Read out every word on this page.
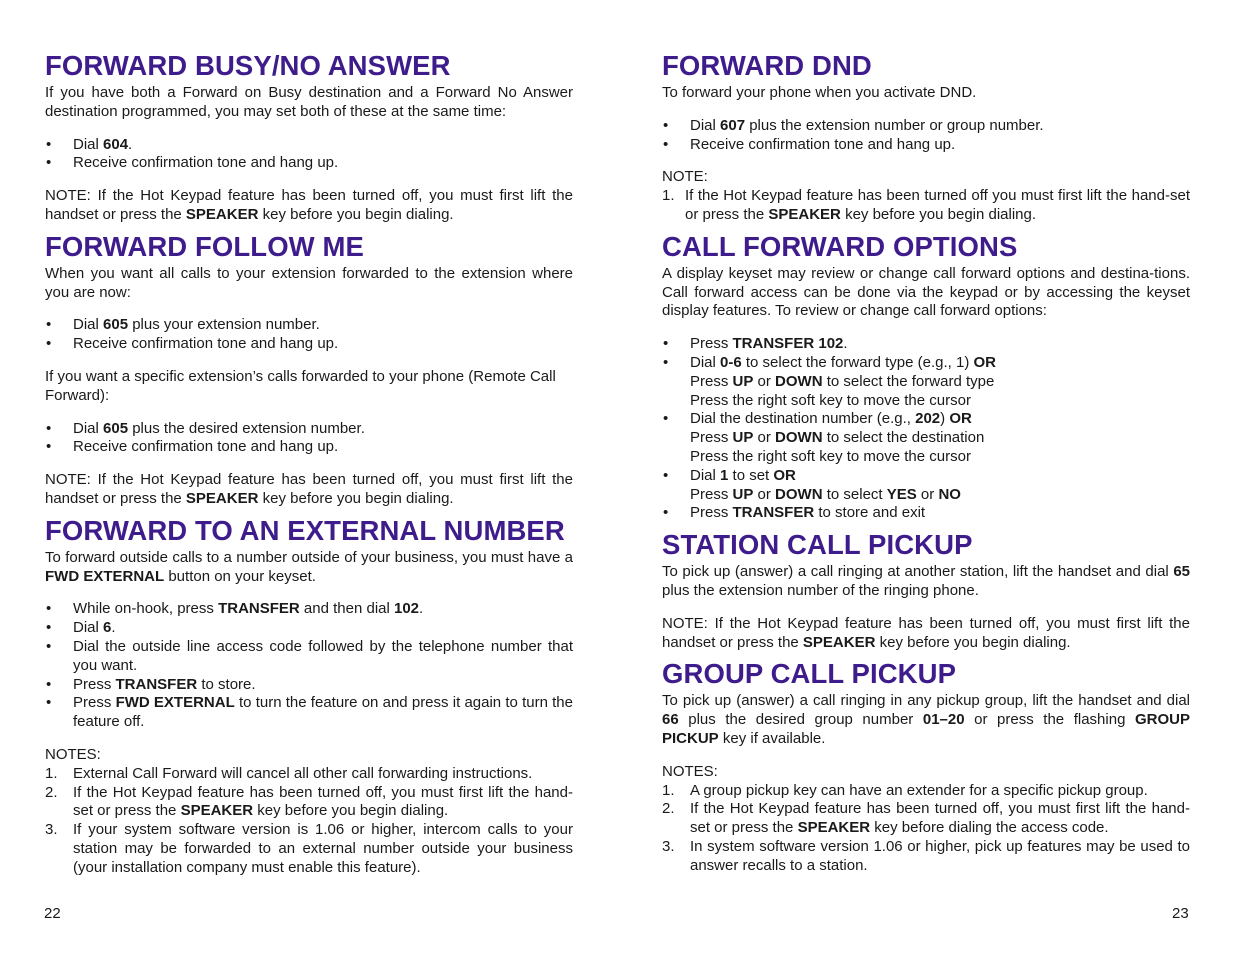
FORWARD BUSY/NO ANSWER

If you have both a Forward on Busy destination and a Forward No Answer destination programmed, you may set both of these at the same time:

• Dial 604.
• Receive confirmation tone and hang up.

NOTE: If the Hot Keypad feature has been turned off, you must first lift the handset or press the SPEAKER key before you begin dialing.

FORWARD FOLLOW ME

When you want all calls to your extension forwarded to the extension where you are now:

• Dial 605 plus your extension number.
• Receive confirmation tone and hang up.

If you want a specific extension’s calls forwarded to your phone (Remote Call Forward):

• Dial 605 plus the desired extension number.
• Receive confirmation tone and hang up.

NOTE: If the Hot Keypad feature has been turned off, you must first lift the handset or press the SPEAKER key before you begin dialing.

FORWARD TO AN EXTERNAL NUMBER

To forward outside calls to a number outside of your business, you must have a FWD EXTERNAL button on your keyset.

• While on-hook, press TRANSFER and then dial 102.
• Dial 6.
• Dial the outside line access code followed by the telephone number that you want.
• Press TRANSFER to store.
• Press FWD EXTERNAL to turn the feature on and press it again to turn the feature off.

NOTES:

1. External Call Forward will cancel all other call forwarding instructions.
2. If the Hot Keypad feature has been turned off, you must first lift the hand-set or press the SPEAKER key before you begin dialing.
3. If your system software version is 1.06 or higher, intercom calls to your station may be forwarded to an external number outside your business (your installation company must enable this feature).
FORWARD DND

To forward your phone when you activate DND.

• Dial 607 plus the extension number or group number.
• Receive confirmation tone and hang up.

NOTE:

1. If the Hot Keypad feature has been turned off you must first lift the hand-set or press the SPEAKER key before you begin dialing.
CALL FORWARD OPTIONS

A display keyset may review or change call forward options and destina-tions. Call forward access can be done via the keypad or by accessing the keyset display features. To review or change call forward options:

• Press TRANSFER 102.
• Dial 0-6 to select the forward type (e.g., 1) OR
Press UP or DOWN to select the forward type
Press the right soft key to move the cursor
• Dial the destination number (e.g., 202) OR
Press UP or DOWN to select the destination
Press the right soft key to move the cursor
• Dial 1 to set OR
Press UP or DOWN to select YES or NO
• Press TRANSFER to store and exit
STATION CALL PICKUP

To pick up (answer) a call ringing at another station, lift the handset and dial 65 plus the extension number of the ringing phone.

NOTE: If the Hot Keypad feature has been turned off, you must first lift the handset or press the SPEAKER key before you begin dialing.

GROUP CALL PICKUP

To pick up (answer) a call ringing in any pickup group, lift the handset and dial 66 plus the desired group number 01–20 or press the flashing GROUP PICKUP key if available.

NOTES:

1. A group pickup key can have an extender for a specific pickup group.
2. If the Hot Keypad feature has been turned off, you must first lift the hand-set or press the SPEAKER key before dialing the access code.
3. In system software version 1.06 or higher, pick up features may be used to answer recalls to a station.
22	23
